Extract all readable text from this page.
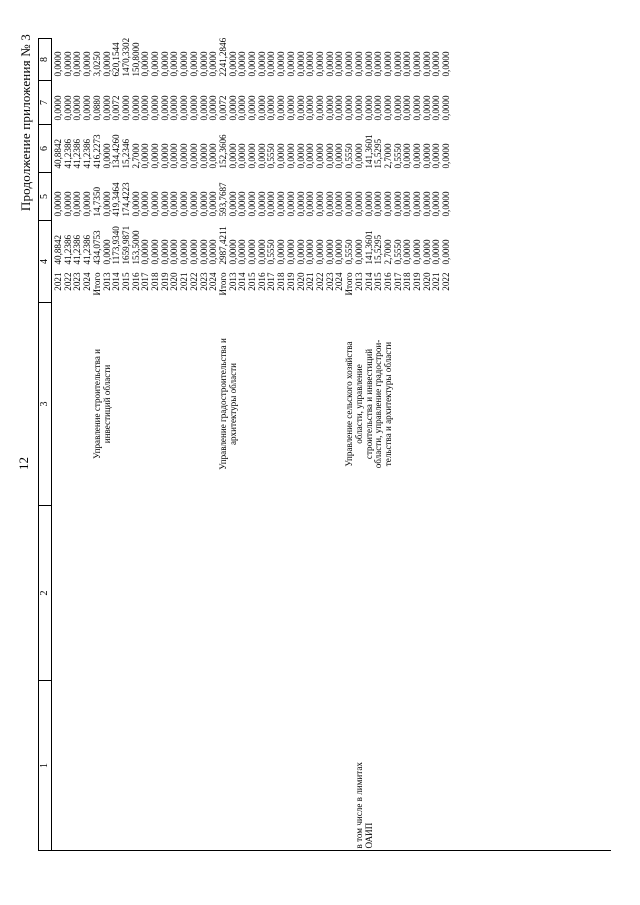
12
Продолжение приложения № 3
1	2	3	4		5	6	7	8
			2021	40,8842	0,0000	40,8842	0,0000	0,0000
			2022	41,2386	0,0000	41,2386	0,0000	0,0000
			2023	41,2386	0,0000	41,2386	0,0000	0,0000
			2024	41,2386	0,0000	41,2386	0,0000	0,0000
		Управление строительства и	Итого	434,0753	14,7350	416,2273	0,0880	3,0250
		инвестиций области	2013	0,0000	0,0000	0,0000	0,0000	0,0000
			2014	1173,9340	419,3464	134,4260	0,0072	620,1544
			2015	1659,9871	174,4223	15,2346	0,0000	1470,3302
			2016	153,5000	0,0000	2,7000	0,0000	150,8000
			2017	0,0000	0,0000	0,0000	0,0000	0,0000
			2018	0,0000	0,0000	0,0000	0,0000	0,0000
			2019	0,0000	0,0000	0,0000	0,0000	0,0000
			2020	0,0000	0,0000	0,0000	0,0000	0,0000
			2021	0,0000	0,0000	0,0000	0,0000	0,0000
			2022	0,0000	0,0000	0,0000	0,0000	0,0000
			2023	0,0000	0,0000	0,0000	0,0000	0,0000
			2024	0,0000	0,0000	0,0000	0,0000	0,0000
		Управление градостроительства и	Итого	2987,4211	593,7687	152,3606	0,0072	2241,2846
		архитектуры области	2013	0,0000	0,0000	0,0000	0,0000	0,0000
			2014	0,0000	0,0000	0,0000	0,0000	0,0000
			2015	0,0000	0,0000	0,0000	0,0000	0,0000
			2016	0,0000	0,0000	0,0000	0,0000	0,0000
			2017	0,5550	0,0000	0,5550	0,0000	0,0000
			2018	0,0000	0,0000	0,0000	0,0000	0,0000
			2019	0,0000	0,0000	0,0000	0,0000	0,0000
			2020	0,0000	0,0000	0,0000	0,0000	0,0000
			2021	0,0000	0,0000	0,0000	0,0000	0,0000
			2022	0,0000	0,0000	0,0000	0,0000	0,0000
			2023	0,0000	0,0000	0,0000	0,0000	0,0000
			2024	0,0000	0,0000	0,0000	0,0000	0,0000
		Управление сельского хозяйства	Итого	0,5550	0,0000	0,5550	0,0000	0,0000
в том числе в лимитах		области, управление	2013	0,0000	0,0000	0,0000	0,0000	0,0000
ОАИП		строительства и инвестиций	2014	141,3601	0,0000	141,3601	0,0000	0,0000
		области, управление градострои-	2015	15,5295	0,0000	15,5295	0,0000	0,0000
		тельства и архитектуры области	2016	2,7000	0,0000	2,7000	0,0000	0,0000
			2017	0,5550	0,0000	0,5550	0,0000	0,0000
			2018	0,0000	0,0000	0,0000	0,0000	0,0000
			2019	0,0000	0,0000	0,0000	0,0000	0,0000
			2020	0,0000	0,0000	0,0000	0,0000	0,0000
			2021	0,0000	0,0000	0,0000	0,0000	0,0000
			2022	0,0000	0,0000	0,0000	0,0000	0,0000
